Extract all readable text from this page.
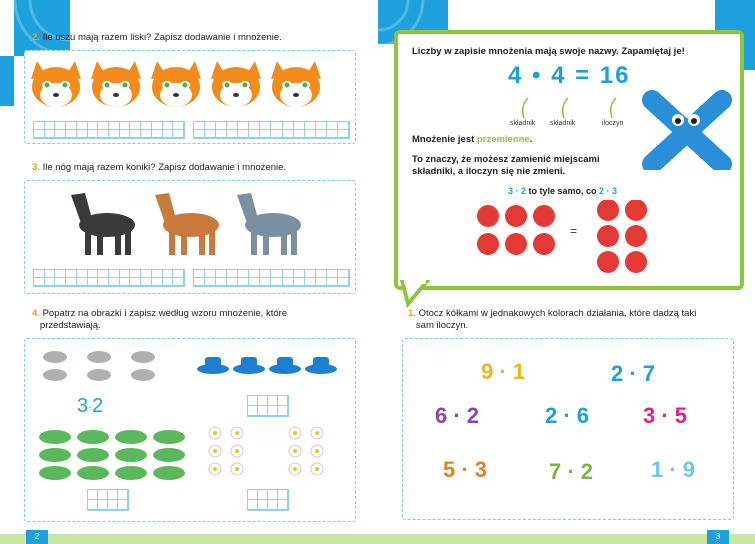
2. Ile uszu mają razem liski? Zapisz dodawanie i mnożenie.
3. Ile nóg mają razem koniki? Zapisz dodawanie i mnożenie.
4. Popatrz na obrazki i zapisz według wzoru mnożenie, które
przedstawiają.
3·2
2
Liczby w zapisie mnożenia mają swoje nazwy. Zapamiętaj je!
4 • 4 = 16
składnik składnik	iloczyn
Mnożenie jest przemienne.
To znaczy, że możesz zamienić miejscami
składniki, a iloczyn się nie zmieni.
3 · 2 to tyle samo, co 2 · 3
=
1. Otocz kółkami w jednakowych kolorach działania, które dadzą taki
sam iloczyn.
9 · 1	2 · 7
6 · 2	2 · 6 3 · 5
5 · 3	7 · 2	1 · 9
3
